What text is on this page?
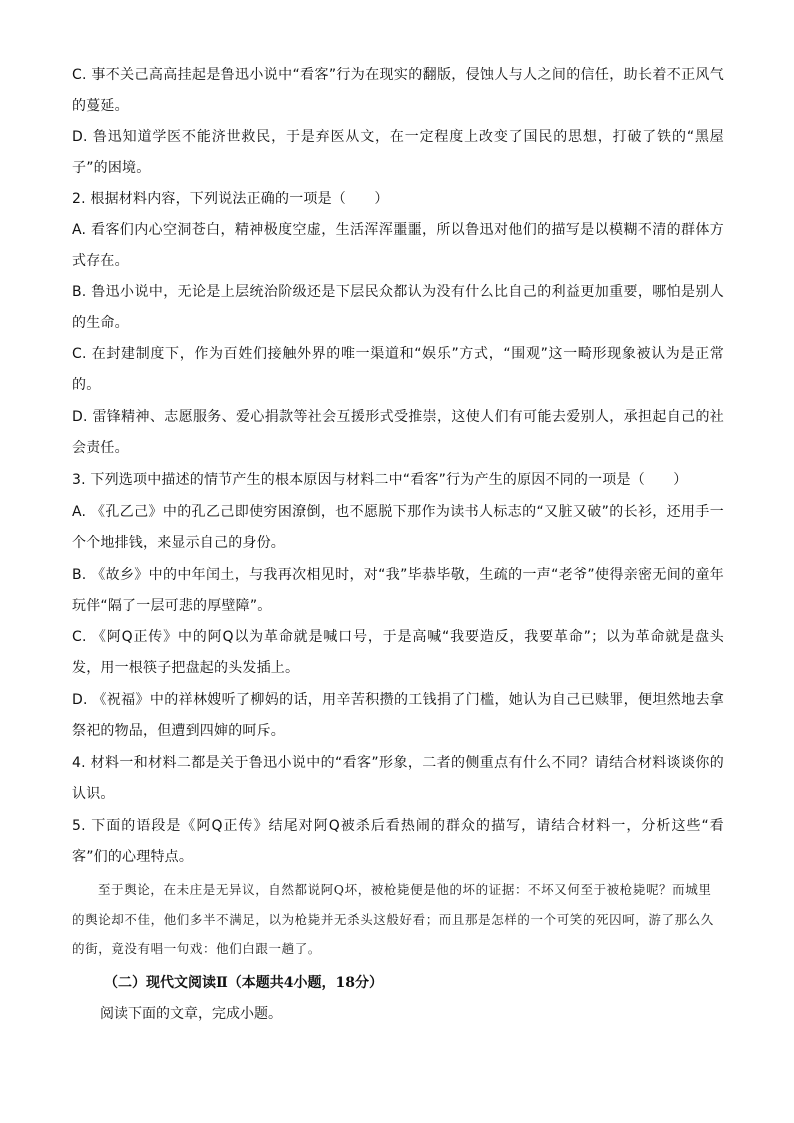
C. 事不关己高高挂起是鲁迅小说中“看客”行为在现实的翻版，侵蚀人与人之间的信任，助长着不正风气的蔓延。

D. 鲁迅知道学医不能济世救民，于是弃医从文，在一定程度上改变了国民的思想，打破了铁的“黑屋子”的困境。

2. 根据材料内容，下列说法正确的一项是（　　）

A. 看客们内心空洞苍白，精神极度空虚，生活浑浑噩噩，所以鲁迅对他们的描写是以模糊不清的群体方式存在。

B. 鲁迅小说中，无论是上层统治阶级还是下层民众都认为没有什么比自己的利益更加重要，哪怕是别人的生命。

C. 在封建制度下，作为百姓们接触外界的唯一渠道和“娱乐”方式，“围观”这一畸形现象被认为是正常的。

D. 雷锋精神、志愿服务、爱心捐款等社会互援形式受推崇，这使人们有可能去爱别人，承担起自己的社会责任。

3. 下列选项中描述的情节产生的根本原因与材料二中“看客”行为产生的原因不同的一项是（　　）

A. 《孔乙己》中的孔乙己即使穷困潦倒，也不愿脱下那作为读书人标志的“又脏又破”的长衫，还用手一个个地排钱，来显示自己的身份。

B. 《故乡》中的中年闰土，与我再次相见时，对“我”毕恭毕敬，生疏的一声“老爷”使得亲密无间的童年玩伴“隔了一层可悲的厚壁障”。

C. 《阿Q正传》中的阿Q以为革命就是喊口号，于是高喊“我要造反，我要革命”；以为革命就是盘头发，用一根筷子把盘起的头发插上。

D. 《祝福》中的祥林嫂听了柳妈的话，用辛苦积攒的工钱捐了门槛，她认为自己已赎罪，便坦然地去拿祭祀的物品，但遭到四婶的呵斥。

4. 材料一和材料二都是关于鲁迅小说中的“看客”形象，二者的侧重点有什么不同？请结合材料谈谈你的认识。

5. 下面的语段是《阿Q正传》结尾对阿Q被杀后看热闹的群众的描写，请结合材料一，分析这些“看客”们的心理特点。

至于舆论，在未庄是无异议，自然都说阿Q坏，被枪毙便是他的坏的证据：不坏又何至于被枪毙呢？而城里的舆论却不佳，他们多半不满足，以为枪毙并无杀头这般好看；而且那是怎样的一个可笑的死囚呵，游了那么久的街，竟没有唱一句戏：他们白跟一趟了。

（二）现代文阅读Ⅱ（本题共4小题，18分）

阅读下面的文章，完成小题。
